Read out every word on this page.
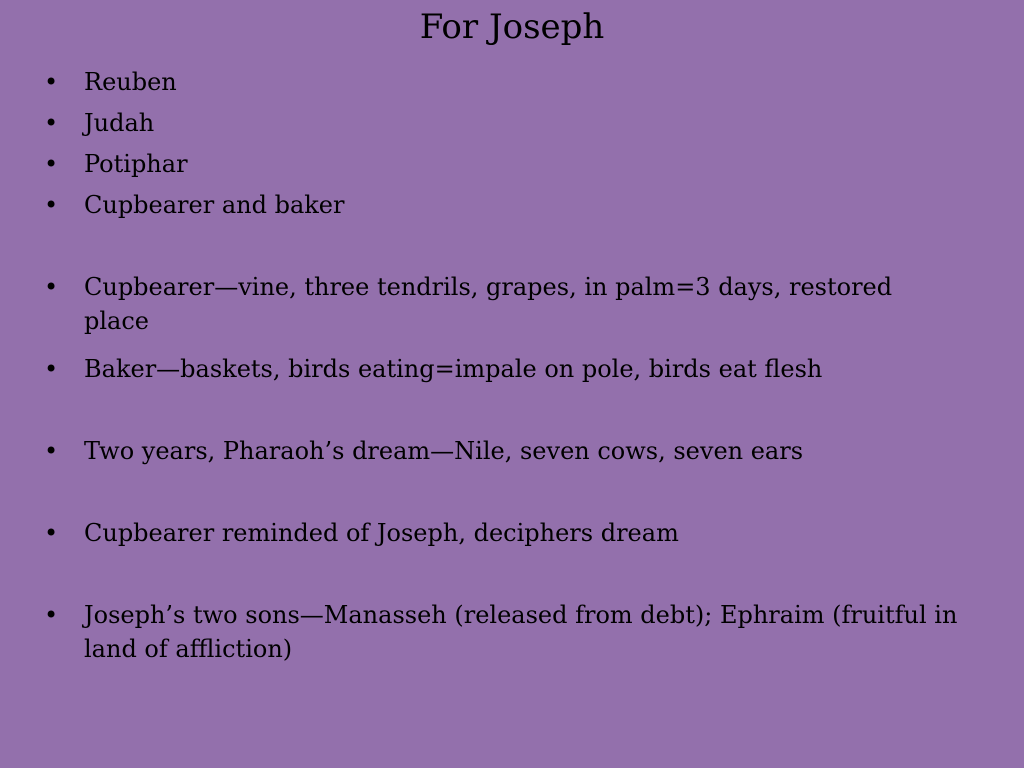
For Joseph
• Reuben
• Judah
• Potiphar
• Cupbearer and baker
• Cupbearer—vine, three tendrils, grapes, in palm=3 days, restored place
• Baker—baskets, birds eating=impale on pole, birds eat flesh
• Two years, Pharaoh’s dream—Nile, seven cows, seven ears
• Cupbearer reminded of Joseph, deciphers dream
• Joseph’s two sons—Manasseh (released from debt); Ephraim (fruitful in land of affliction)
